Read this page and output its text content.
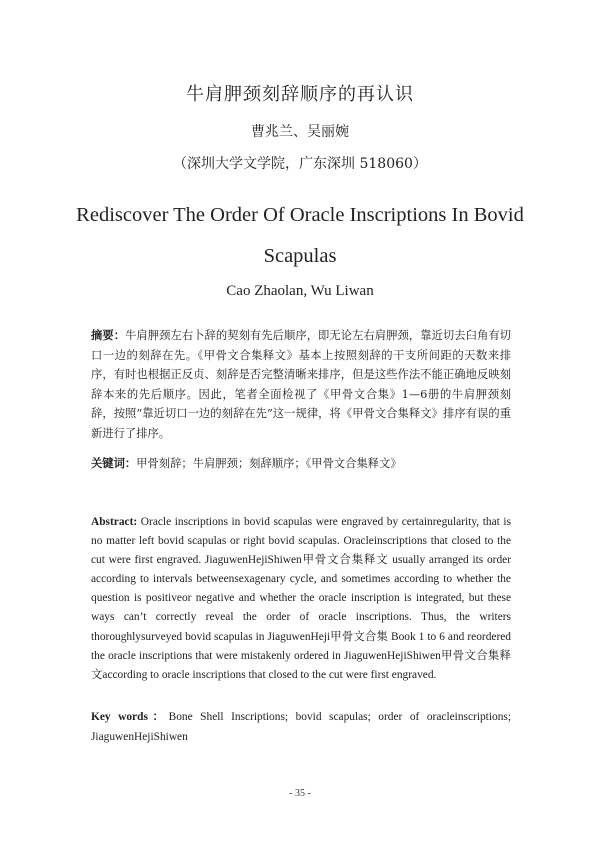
牛肩胛颈刻辞顺序的再认识
曹兆兰、吴丽婉
（深圳大学文学院，广东深圳 518060）
Rediscover The Order Of Oracle Inscriptions In Bovid
Scapulas
Cao Zhaolan, Wu Liwan
摘要：牛肩胛颈左右卜辞的契刻有先后顺序，即无论左右肩胛颈，靠近切去臼角有切口一边的刻辞在先。《甲骨文合集释文》基本上按照刻辞的干支所间距的天数来排序，有时也根据正反贞、刻辞是否完整清晰来排序，但是这些作法不能正确地反映刻辞本来的先后顺序。因此，笔者全面检视了《甲骨文合集》1—6册的牛肩胛颈刻辞，按照“靠近切口一边的刻辞在先”这一规律，将《甲骨文合集释文》排序有误的重新进行了排序。
关键词：甲骨刻辞；牛肩胛颈；刻辞顺序；《甲骨文合集释文》
Abstract: Oracle inscriptions in bovid scapulas were engraved by certainregularity, that is no matter left bovid scapulas or right bovid scapulas. Oracleinscriptions that closed to the cut were first engraved. JiaguwenHejiShiwen甲骨文合集释文 usually arranged its order according to intervals betweensexagenary cycle, and sometimes according to whether the question is positiveor negative and whether the oracle inscription is integrated, but these ways can’t correctly reveal the order of oracle inscriptions. Thus, the writers thoroughlysurveyed bovid scapulas in JiaguwenHeji甲骨文合集 Book 1 to 6 and reordered the oracle inscriptions that were mistakenly ordered in JiaguwenHejiShiwen甲骨文合集释文according to oracle inscriptions that closed to the cut were first engraved.
Key words：Bone Shell Inscriptions; bovid scapulas; order of oracleinscriptions; JiaguwenHejiShiwen
- 35 -
